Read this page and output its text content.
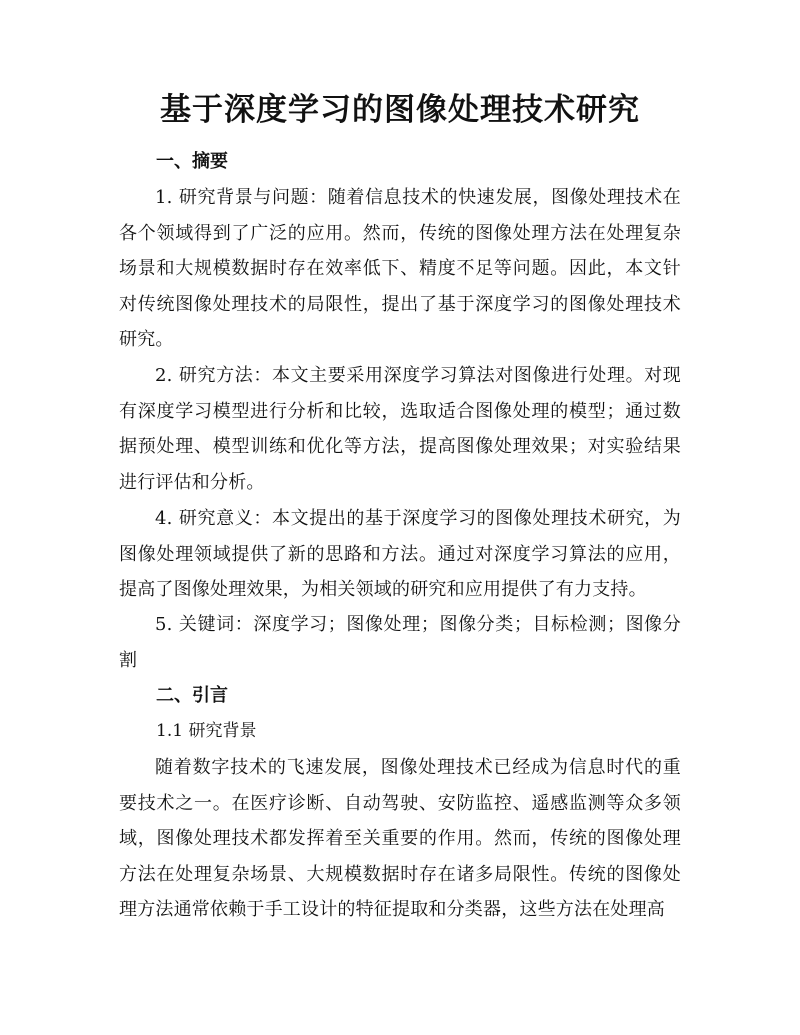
基于深度学习的图像处理技术研究
一、摘要

1. 研究背景与问题：随着信息技术的快速发展，图像处理技术在各个领域得到了广泛的应用。然而，传统的图像处理方法在处理复杂场景和大规模数据时存在效率低下、精度不足等问题。因此，本文针对传统图像处理技术的局限性，提出了基于深度学习的图像处理技术研究。

2. 研究方法：本文主要采用深度学习算法对图像进行处理。对现有深度学习模型进行分析和比较，选取适合图像处理的模型；通过数据预处理、模型训练和优化等方法，提高图像处理效果；对实验结果进行评估和分析。

4. 研究意义：本文提出的基于深度学习的图像处理技术研究，为图像处理领域提供了新的思路和方法。通过对深度学习算法的应用，提高了图像处理效果，为相关领域的研究和应用提供了有力支持。

5. 关键词：深度学习；图像处理；图像分类；目标检测；图像分割

二、引言
1.1 研究背景

随着数字技术的飞速发展，图像处理技术已经成为信息时代的重要技术之一。在医疗诊断、自动驾驶、安防监控、遥感监测等众多领域，图像处理技术都发挥着至关重要的作用。然而，传统的图像处理方法在处理复杂场景、大规模数据时存在诸多局限性。传统的图像处理方法通常依赖于手工设计的特征提取和分类器，这些方法在处理高
